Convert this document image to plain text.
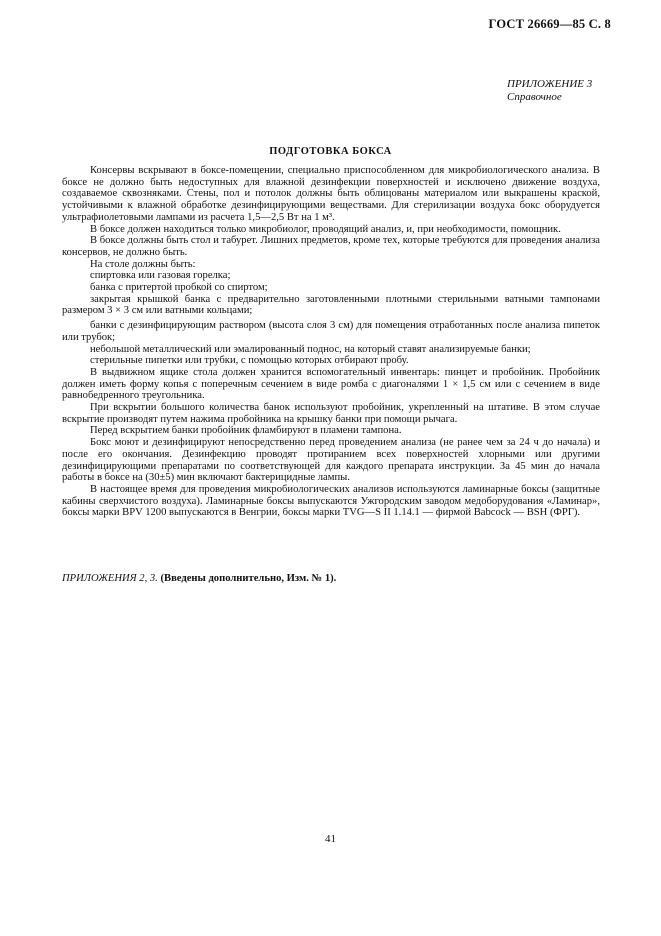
ГОСТ 26669—85 С. 8
ПРИЛОЖЕНИЕ 3
Справочное
ПОДГОТОВКА БОКСА

Консервы вскрывают в боксе-помещении, специально приспособленном для микробиологического анализа. В боксе не должно быть недоступных для влажной дезинфекции поверхностей и исключено движение воздуха, создаваемое сквозняками. Стены, пол и потолок должны быть облицованы материалом или выкрашены краской, устойчивыми к влажной обработке дезинфицирующими веществами. Для стерилизации воздуха бокс оборудуется ультрафиолетовыми лампами из расчета 1,5—2,5 Вт на 1 м³.

В боксе должен находиться только микробиолог, проводящий анализ, и, при необходимости, помощник.

В боксе должны быть стол и табурет. Лишних предметов, кроме тех, которые требуются для проведения анализа консервов, не должно быть.

На столе должны быть:

спиртовка или газовая горелка;

банка с притертой пробкой со спиртом;

закрытая крышкой банка с предварительно заготовленными плотными стерильными ватными тампонами размером 3 × 3 см или ватными кольцами;

банки с дезинфицирующим раствором (высота слоя 3 см) для помещения отработанных после анализа пипеток или трубок;

небольшой металлический или эмалированный поднос, на который ставят анализируемые банки;

стерильные пипетки или трубки, с помощью которых отбирают пробу.

В выдвижном ящике стола должен хранится вспомогательный инвентарь: пинцет и пробойник. Пробойник должен иметь форму копья с поперечным сечением в виде ромба с диагоналями 1 × 1,5 см или с сечением в виде равнобедренного треугольника.

При вскрытии большого количества банок используют пробойник, укрепленный на штативе. В этом случае вскрытие производят путем нажима пробойника на крышку банки при помощи рычага.

Перед вскрытием банки пробойник фламбируют в пламени тампона.

Бокс моют и дезинфицируют непосредственно перед проведением анализа (не ранее чем за 24 ч до начала) и после его окончания. Дезинфекцию проводят протиранием всех поверхностей хлорными или другими дезинфицирующими препаратами по соответствующей для каждого препарата инструкции. За 45 мин до начала работы в боксе на (30±5) мин включают бактерицидные лампы.

В настоящее время для проведения микробиологических анализов используются ламинарные боксы (защитные кабины сверхчистого воздуха). Ламинарные боксы выпускаются Ужгородским заводом медоборудования «Ламинар», боксы марки BPV 1200 выпускаются в Венгрии, боксы марки TVG—S II 1.14.1 — фирмой Babcock — BSH (ФРГ).

ПРИЛОЖЕНИЯ 2, 3. (Введены дополнительно, Изм. № 1).
41
